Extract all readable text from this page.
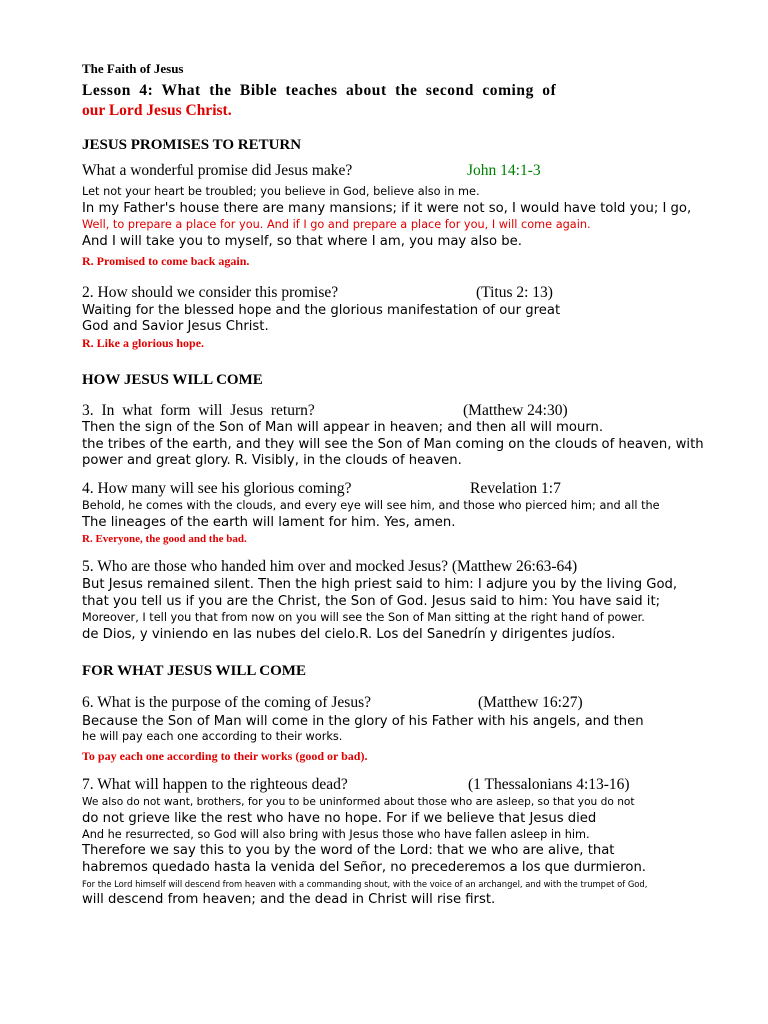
The Faith of Jesus
Lesson 4: What the Bible teaches about the second coming of
our Lord Jesus Christ.
JESUS PROMISES TO RETURN
What a wonderful promise did Jesus make?	John 14:1-3
Let not your heart be troubled; you believe in God, believe also in me.
In my Father's house there are many mansions; if it were not so, I would have told you; I go,
Well, to prepare a place for you. And if I go and prepare a place for you, I will come again.
And I will take you to myself, so that where I am, you may also be.
R. Promised to come back again.
2. How should we consider this promise?	(Titus 2: 13)
Waiting for the blessed hope and the glorious manifestation of our great
God and Savior Jesus Christ.
R. Like a glorious hope.
HOW JESUS WILL COME
3. In what form will Jesus return?	(Matthew 24:30)
Then the sign of the Son of Man will appear in heaven; and then all will mourn.
the tribes of the earth, and they will see the Son of Man coming on the clouds of heaven, with
power and great glory. R. Visibly, in the clouds of heaven.
4. How many will see his glorious coming?	Revelation 1:7
Behold, he comes with the clouds, and every eye will see him, and those who pierced him; and all the
The lineages of the earth will lament for him. Yes, amen.
R. Everyone, the good and the bad.
5. Who are those who handed him over and mocked Jesus? (Matthew 26:63-64)
But Jesus remained silent. Then the high priest said to him: I adjure you by the living God,
that you tell us if you are the Christ, the Son of God. Jesus said to him: You have said it;
Moreover, I tell you that from now on you will see the Son of Man sitting at the right hand of power.
de Dios, y viniendo en las nubes del cielo.R. Los del Sanedrín y dirigentes judíos.
FOR WHAT JESUS WILL COME
6. What is the purpose of the coming of Jesus?	(Matthew 16:27)
Because the Son of Man will come in the glory of his Father with his angels, and then
he will pay each one according to their works.
To pay each one according to their works (good or bad).
7. What will happen to the righteous dead?	(1 Thessalonians 4:13-16)
We also do not want, brothers, for you to be uninformed about those who are asleep, so that you do not
do not grieve like the rest who have no hope. For if we believe that Jesus died
And he resurrected, so God will also bring with Jesus those who have fallen asleep in him.
Therefore we say this to you by the word of the Lord: that we who are alive, that
habremos quedado hasta la venida del Señor, no precederemos a los que durmieron.
For the Lord himself will descend from heaven with a commanding shout, with the voice of an archangel, and with the trumpet of God,
will descend from heaven; and the dead in Christ will rise first.
